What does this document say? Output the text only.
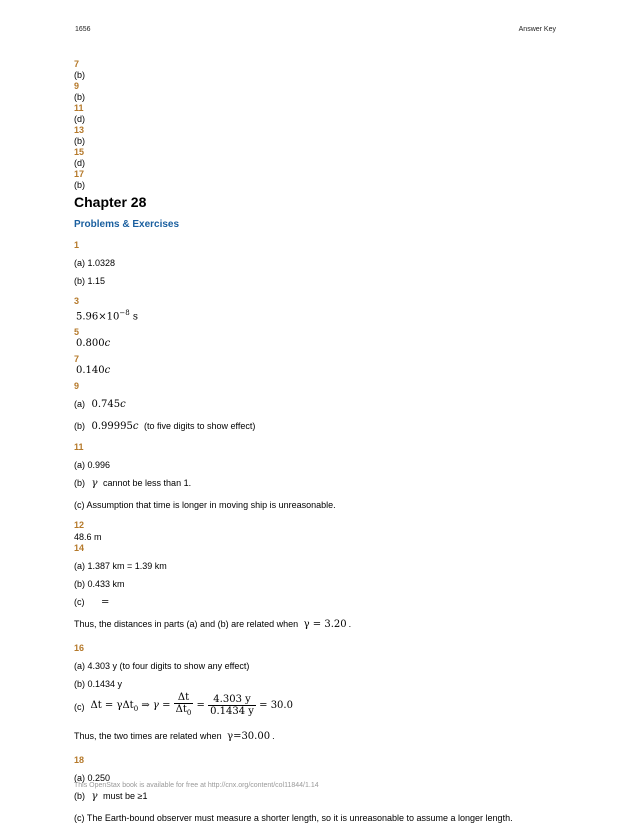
1656	Answer Key
7
(b)
9
(b)
11
(d)
13
(b)
15
(d)
17
(b)
Chapter 28
Problems & Exercises
1
(a) 1.0328
(b) 1.15
3
$5.96\times 10^{-8}$ s
5
0.800c
7
0.140c
9
(a) 0.745c
(b) 0.99995c (to five digits to show effect)
11
(a) 0.996
(b) γ cannot be less than 1.
(c) Assumption that time is longer in moving ship is unreasonable.
12
48.6 m
14
(a) 1.387 km = 1.39 km
(b) 0.433 km
(c) =
Thus, the distances in parts (a) and (b) are related when γ = 3.20 .
16
(a) 4.303 y (to four digits to show any effect)
(b) 0.1434 y
(c) Δt = γΔt$_0$ ⇒ $\gamma = \frac{\Delta t}{\Delta t_0} = \frac{4.303 y}{0.1434 y} = 30.0$
Thus, the two times are related when γ=30.00 .
18
(a) 0.250
(b) γ must be ≥1
(c) The Earth-bound observer must measure a shorter length, so it is unreasonable to assume a longer length.
This OpenStax book is available for free at http://cnx.org/content/col11844/1.14
